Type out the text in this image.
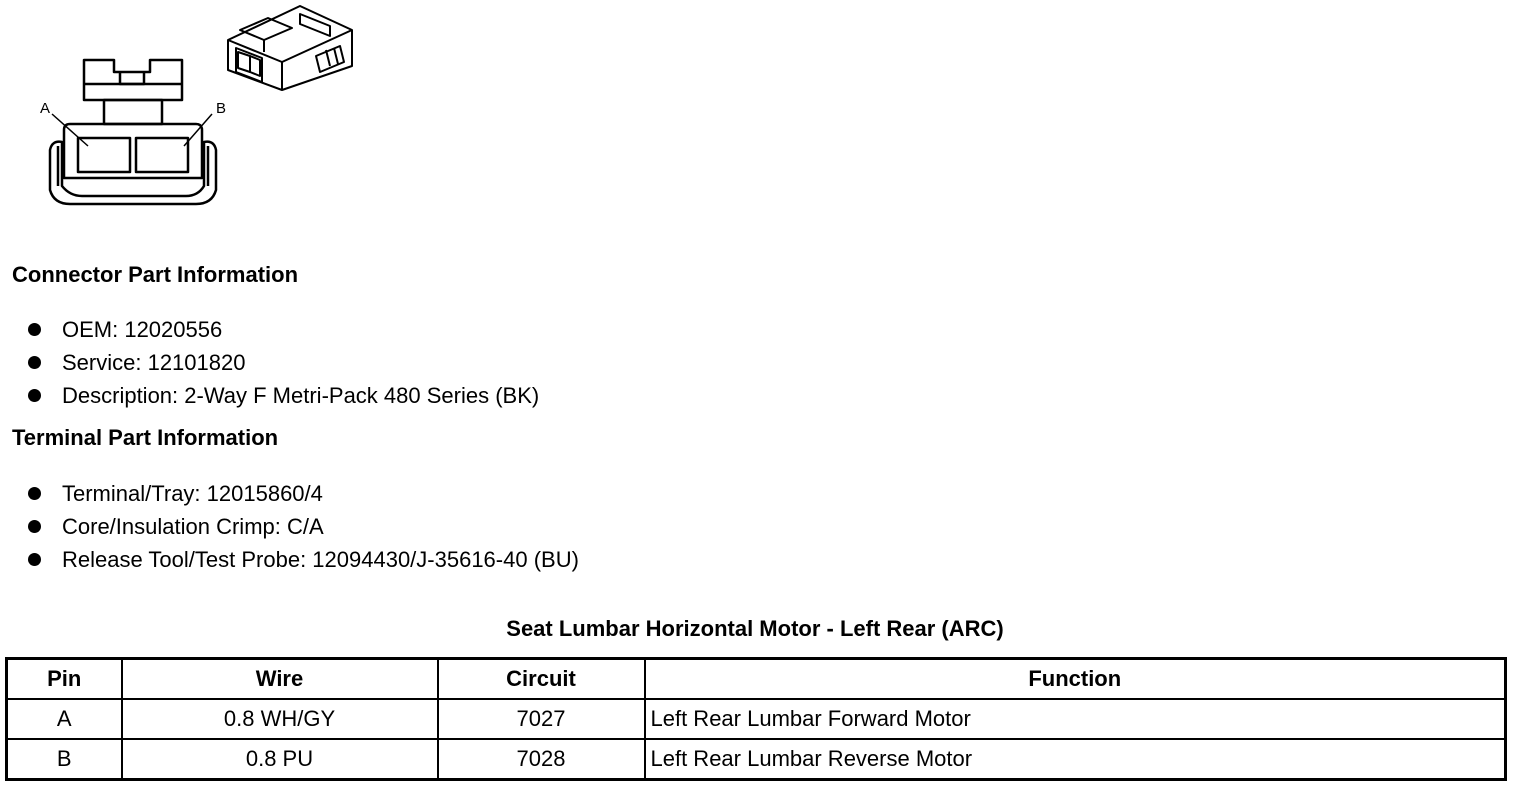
A	B
Connector Part Information
OEM: 12020556
Service: 12101820
Description: 2-Way F Metri-Pack 480 Series (BK)
Terminal Part Information
Terminal/Tray: 12015860/4
Core/Insulation Crimp: C/A
Release Tool/Test Probe: 12094430/J-35616-40 (BU)
Seat Lumbar Horizontal Motor - Left Rear (ARC)
Pin	Wire	Circuit	Function
A	0.8 WH/GY	7027	Left Rear Lumbar Forward Motor
B	0.8 PU	7028	Left Rear Lumbar Reverse Motor
